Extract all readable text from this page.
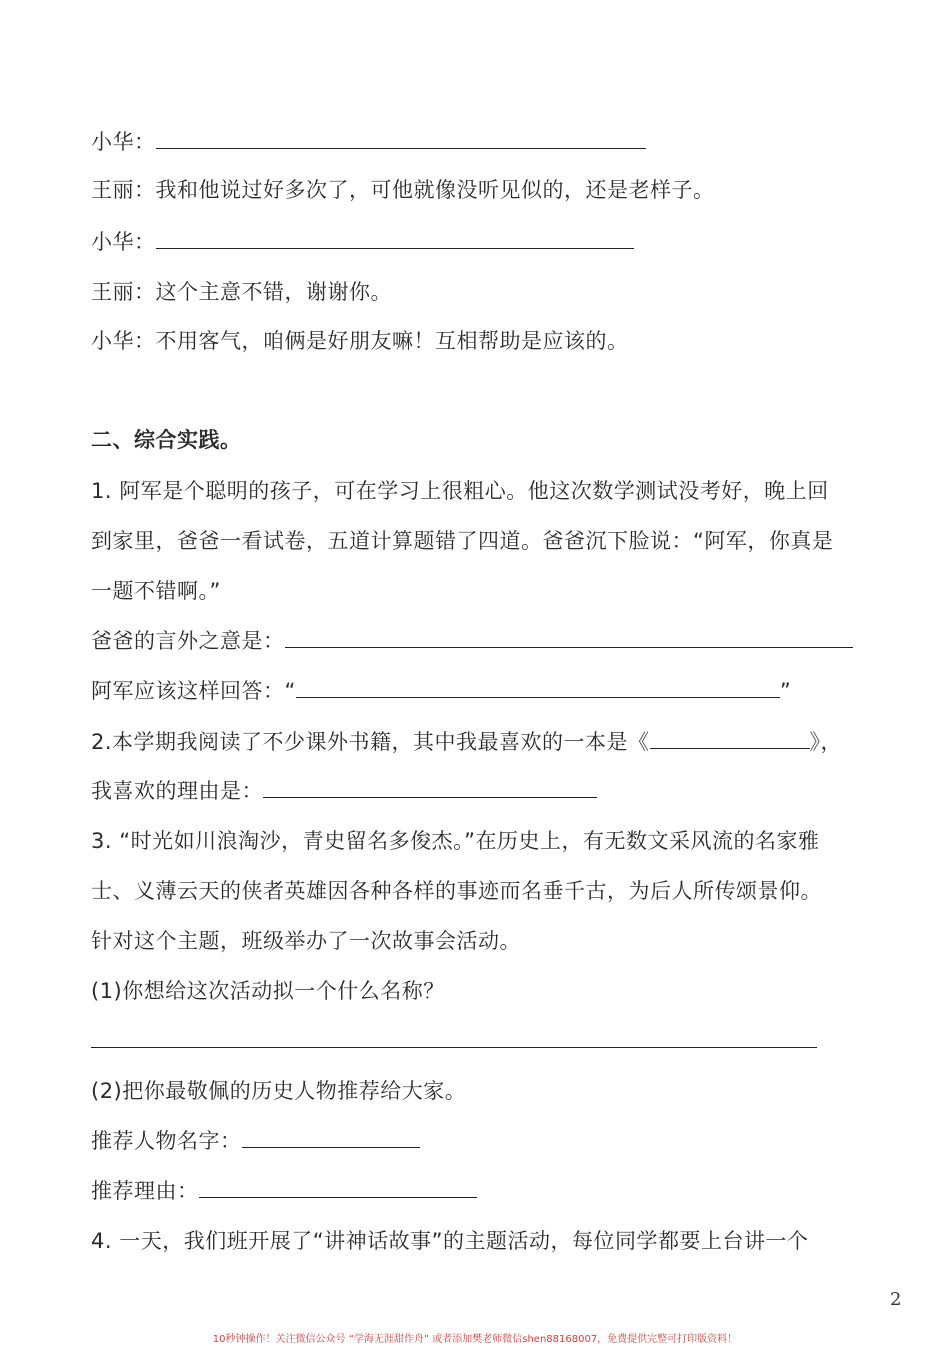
小华：
王丽：我和他说过好多次了，可他就像没听见似的，还是老样子。
小华：
王丽：这个主意不错，谢谢你。
小华：不用客气，咱俩是好朋友嘛！互相帮助是应该的。
二、综合实践。
1. 阿军是个聪明的孩子，可在学习上很粗心。他这次数学测试没考好，晚上回
到家里，爸爸一看试卷，五道计算题错了四道。爸爸沉下脸说：“阿军，你真是
一题不错啊。”
爸爸的言外之意是：
阿军应该这样回答：“	”
2.本学期我阅读了不少课外书籍，其中我最喜欢的一本是《	》，
我喜欢的理由是：
3. “时光如川浪淘沙，青史留名多俊杰。”在历史上，有无数文采风流的名家雅
士、义薄云天的侠者英雄因各种各样的事迹而名垂千古，为后人所传颂景仰。
针对这个主题，班级举办了一次故事会活动。
(1)你想给这次活动拟一个什么名称？
(2)把你最敬佩的历史人物推荐给大家。
推荐人物名字：
推荐理由：
4. 一天，我们班开展了“讲神话故事”的主题活动，每位同学都要上台讲一个
2
10秒钟操作！关注微信公众号 “学海无涯甜作舟” 或者添加樊老师微信shen88168007，免费提供完整可打印版资料！
